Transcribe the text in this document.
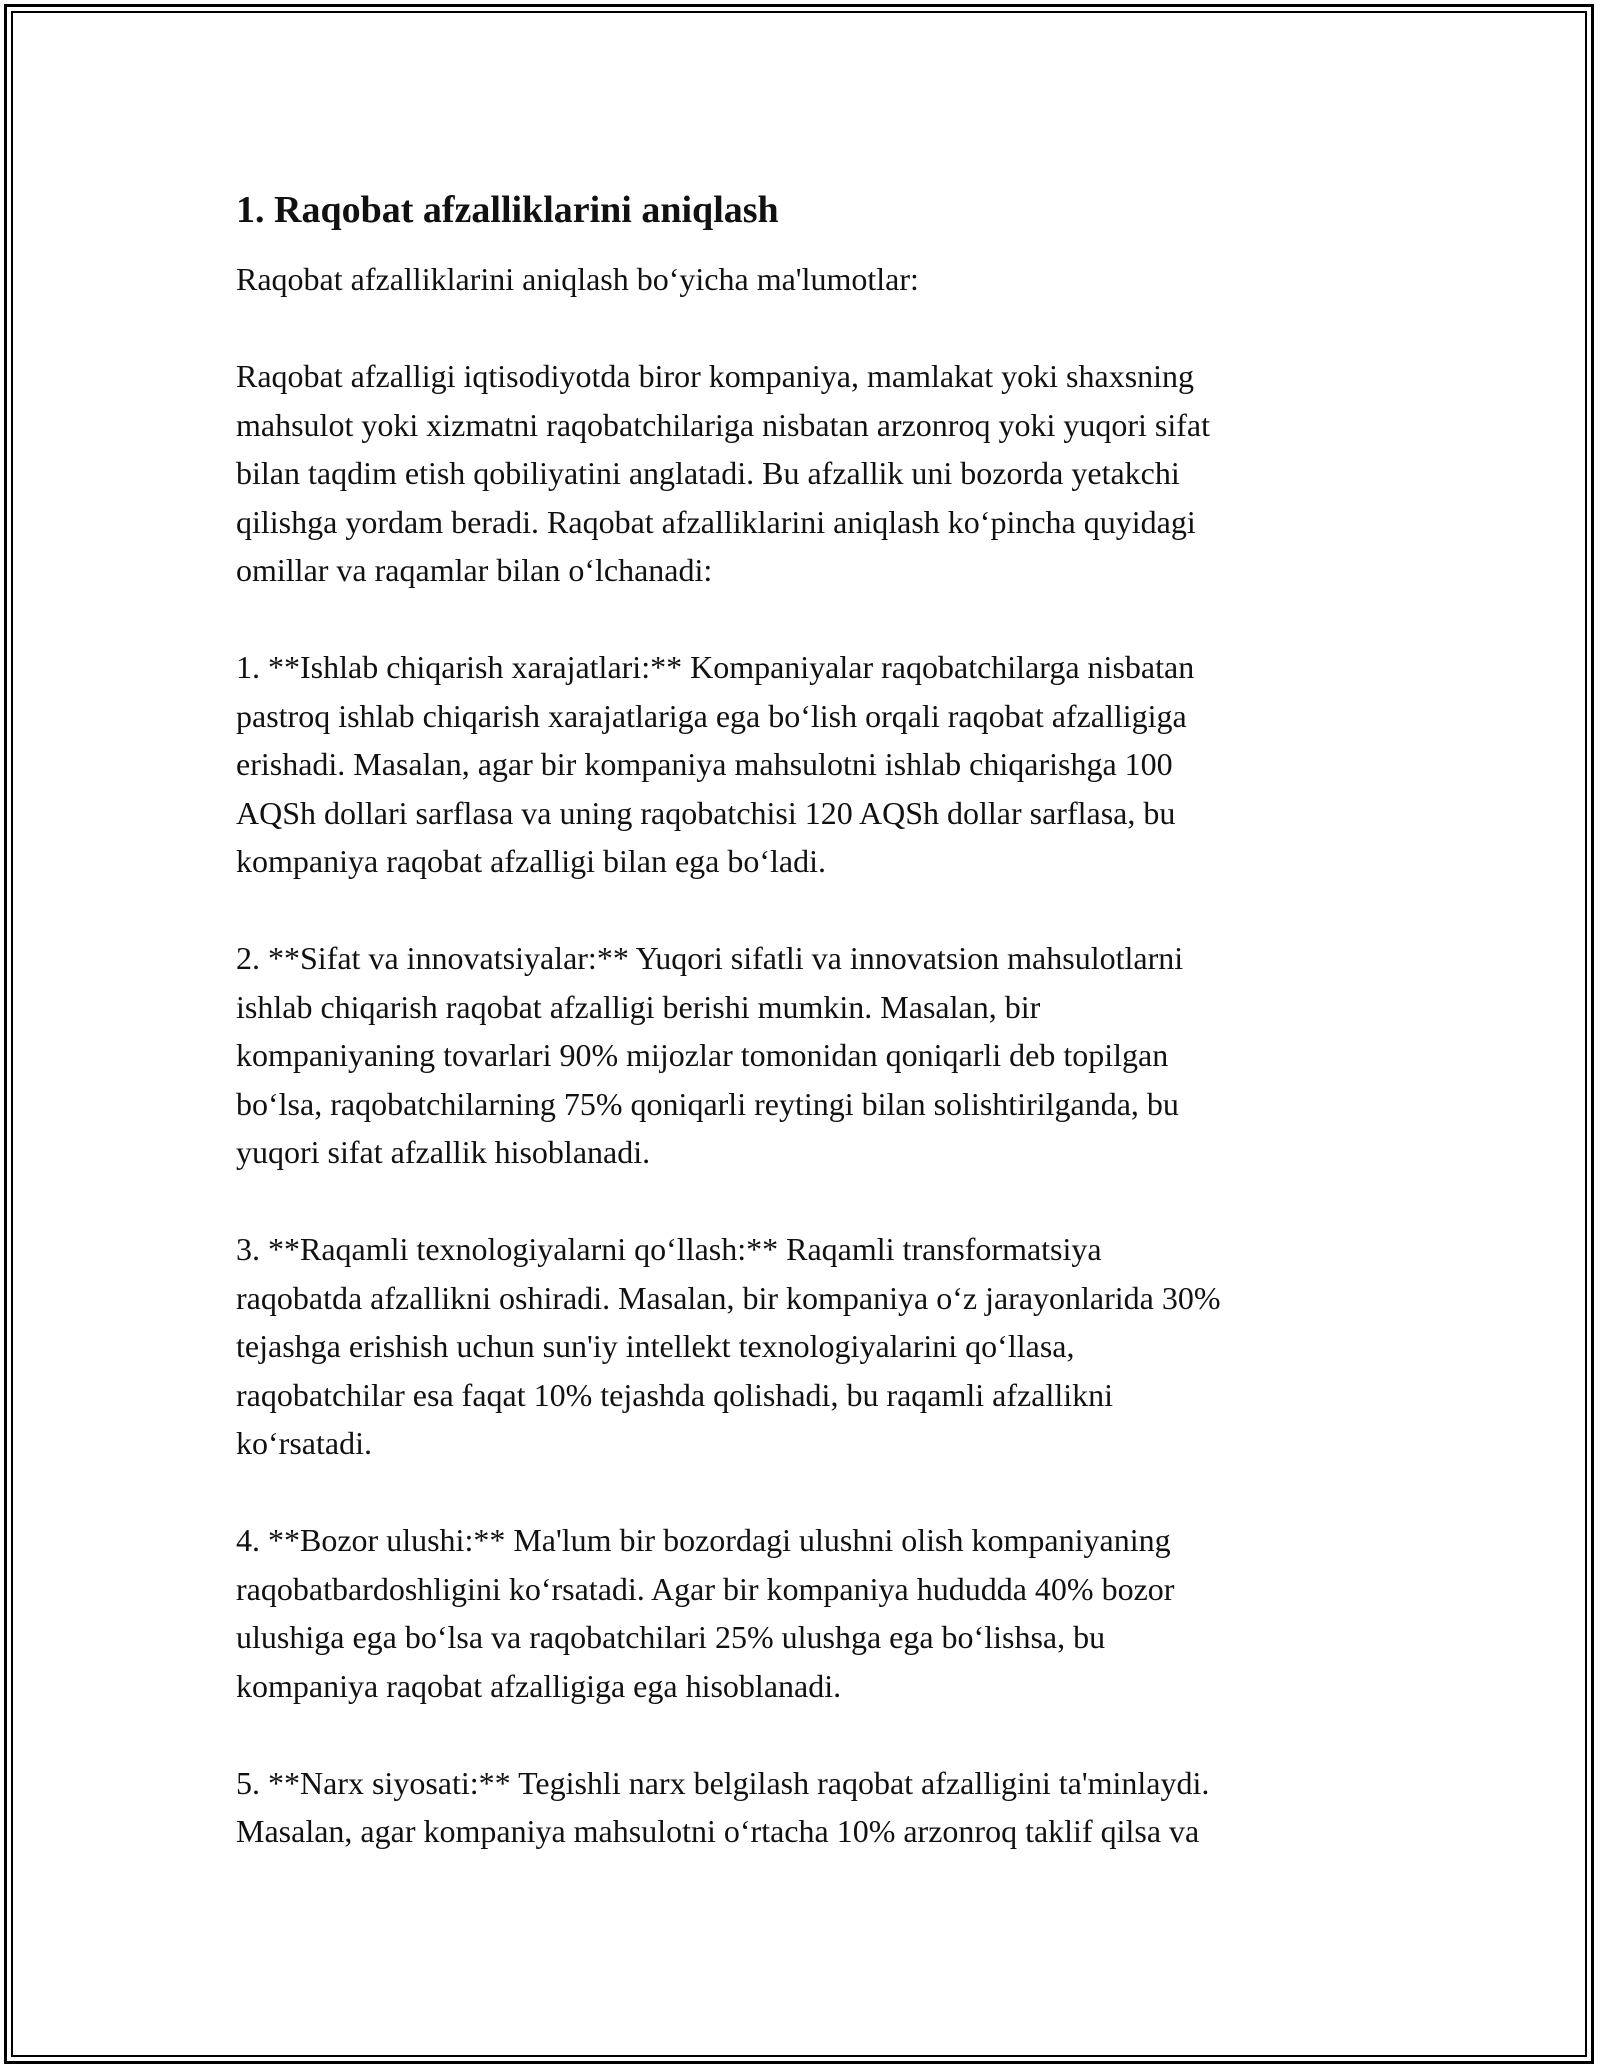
1. Raqobat afzalliklarini aniqlash

Raqobat afzalliklarini aniqlash boʻyicha ma'lumotlar:

Raqobat afzalligi iqtisodiyotda biror kompaniya, mamlakat yoki shaxsning
mahsulot yoki xizmatni raqobatchilariga nisbatan arzonroq yoki yuqori sifat
bilan taqdim etish qobiliyatini anglatadi. Bu afzallik uni bozorda yetakchi
qilishga yordam beradi. Raqobat afzalliklarini aniqlash koʻpincha quyidagi
omillar va raqamlar bilan oʻlchanadi:

1. **Ishlab chiqarish xarajatlari:** Kompaniyalar raqobatchilarga nisbatan
pastroq ishlab chiqarish xarajatlariga ega boʻlish orqali raqobat afzalligiga
erishadi. Masalan, agar bir kompaniya mahsulotni ishlab chiqarishga 100
AQSh dollari sarflasa va uning raqobatchisi 120 AQSh dollar sarflasa, bu
kompaniya raqobat afzalligi bilan ega boʻladi.

2. **Sifat va innovatsiyalar:** Yuqori sifatli va innovatsion mahsulotlarni
ishlab chiqarish raqobat afzalligi berishi mumkin. Masalan, bir
kompaniyaning tovarlari 90% mijozlar tomonidan qoniqarli deb topilgan
boʻlsa, raqobatchilarning 75% qoniqarli reytingi bilan solishtirilganda, bu
yuqori sifat afzallik hisoblanadi.

3. **Raqamli texnologiyalarni qoʻllash:** Raqamli transformatsiya
raqobatda afzallikni oshiradi. Masalan, bir kompaniya oʻz jarayonlarida 30%
tejashga erishish uchun sun'iy intellekt texnologiyalarini qoʻllasa,
raqobatchilar esa faqat 10% tejashda qolishadi, bu raqamli afzallikni
koʻrsatadi.

4. **Bozor ulushi:** Ma'lum bir bozordagi ulushni olish kompaniyaning
raqobatbardoshligini koʻrsatadi. Agar bir kompaniya hududda 40% bozor
ulushiga ega boʻlsa va raqobatchilari 25% ulushga ega boʻlishsa, bu
kompaniya raqobat afzalligiga ega hisoblanadi.

5. **Narx siyosati:** Tegishli narx belgilash raqobat afzalligini ta'minlaydi.
Masalan, agar kompaniya mahsulotni oʻrtacha 10% arzonroq taklif qilsa va
